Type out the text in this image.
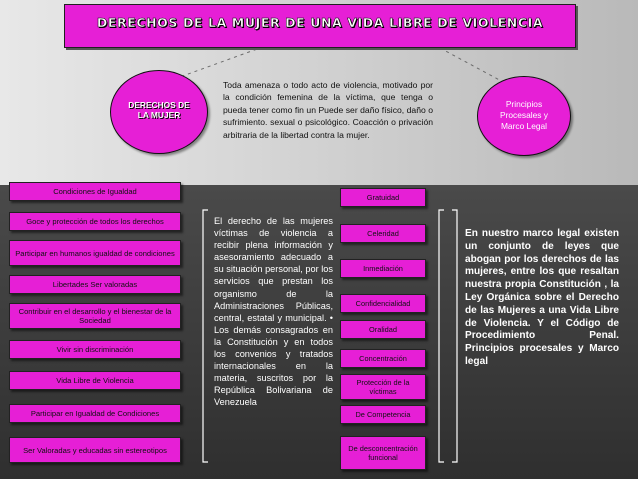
DERECHOS DE LA MUJER DE UNA VIDA LIBRE DE VIOLENCIA
DERECHOS DE LA MUJER
Principios Procesales y Marco Legal
Toda amenaza o todo acto de violencia, motivado por la condición femenina de la víctima, que tenga o pueda tener como fin un Puede ser daño físico, daño o sufrimiento. sexual o psicológico. Coacción o privación arbitraria de la libertad contra la mujer.
Condiciones de Igualdad
Goce y protección de todos los derechos
Participar en humanos igualdad de condiciones
Libertades Ser valoradas
Contribuir en el desarrollo y el bienestar de la Sociedad
Vivir sin discriminación
Vida Libre de Violencia
Participar en Igualdad de Condiciones
Ser Valoradas y educadas sin estereotipos
El derecho de las mujeres víctimas de violencia a recibir plena información y asesoramiento adecuado a su situación personal, por los servicios que prestan los organismo de la Administraciones Públicas, central, estatal y municipal. • Los demás consagrados en la Constitución y en todos los convenios y tratados internacionales en la materia, suscritos por la República Bolivariana de Venezuela
Gratuidad
Celeridad
Inmediación
Confidencialidad
Oralidad
Concentración
Protección de la víctimas
De Competencia
De desconcentración funcional
En nuestro marco legal existen un conjunto de leyes que abogan por los derechos de las mujeres, entre los que resaltan nuestra propia Constitución , la Ley Orgánica sobre el Derecho de las Mujeres a una Vida Libre de Violencia. Y el Código de Procedimiento Penal. Principios procesales y Marco legal
